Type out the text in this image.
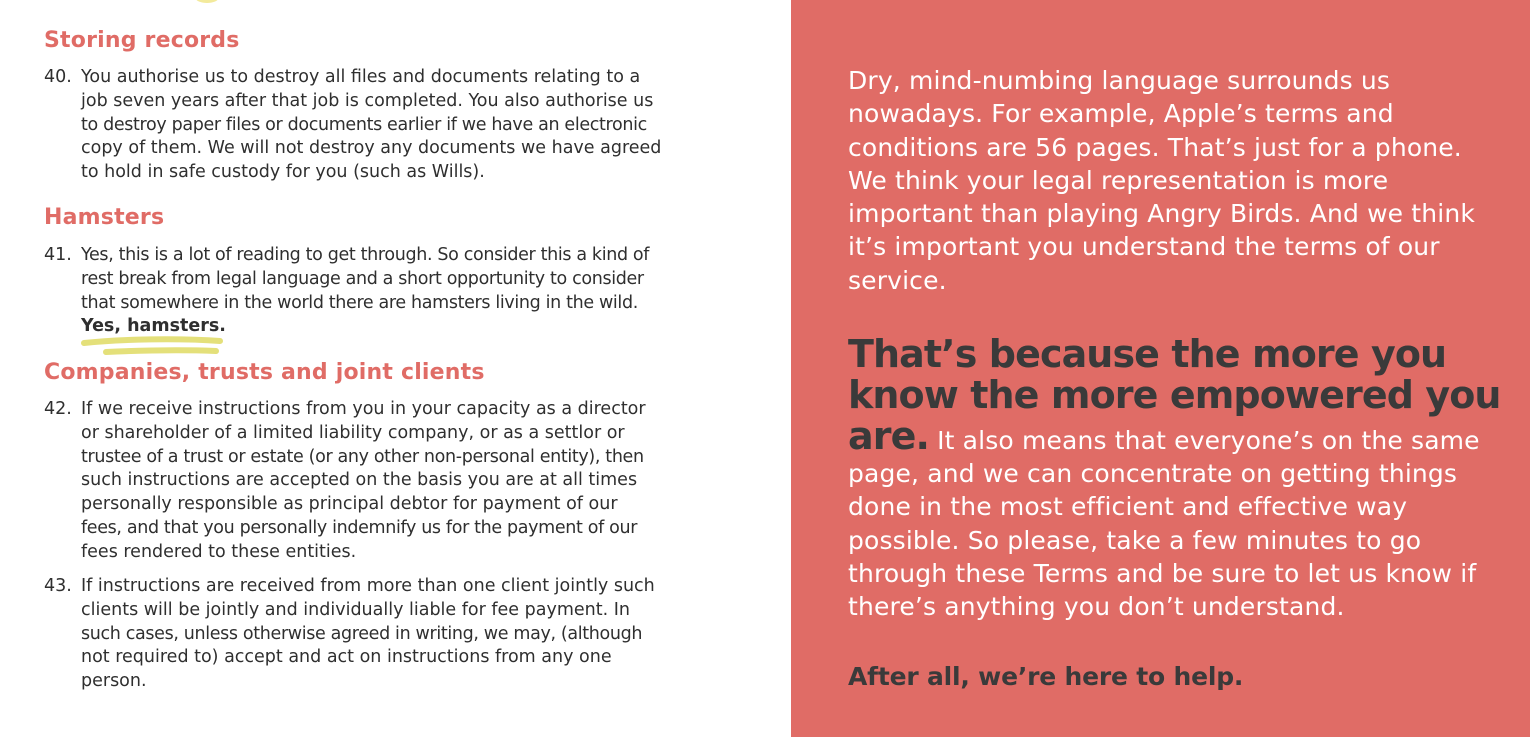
Storing records
40. You authorise us to destroy all files and documents relating to a
job seven years after that job is completed. You also authorise us
to destroy paper files or documents earlier if we have an electronic
copy of them. We will not destroy any documents we have agreed
to hold in safe custody for you (such as Wills).
Hamsters
41. Yes, this is a lot of reading to get through. So consider this a kind of
rest break from legal language and a short opportunity to consider
that somewhere in the world there are hamsters living in the wild.
Yes, hamsters.
Companies, trusts and joint clients
42. If we receive instructions from you in your capacity as a director
or shareholder of a limited liability company, or as a settlor or
trustee of a trust or estate (or any other non-personal entity), then
such instructions are accepted on the basis you are at all times
personally responsible as principal debtor for payment of our
fees, and that you personally indemnify us for the payment of our
fees rendered to these entities.
43. If instructions are received from more than one client jointly such
clients will be jointly and individually liable for fee payment. In
such cases, unless otherwise agreed in writing, we may, (although
not required to) accept and act on instructions from any one
person.
Dry, mind-numbing language surrounds us
nowadays. For example, Apple’s terms and
conditions are 56 pages. That’s just for a phone.
We think your legal representation is more
important than playing Angry Birds. And we think
it’s important you understand the terms of our
service.
That’s because the more you
know the more empowered you
are. It also means that everyone’s on the same
page, and we can concentrate on getting things
done in the most efficient and effective way
possible. So please, take a few minutes to go
through these Terms and be sure to let us know if
there’s anything you don’t understand.
After all, we’re here to help.
